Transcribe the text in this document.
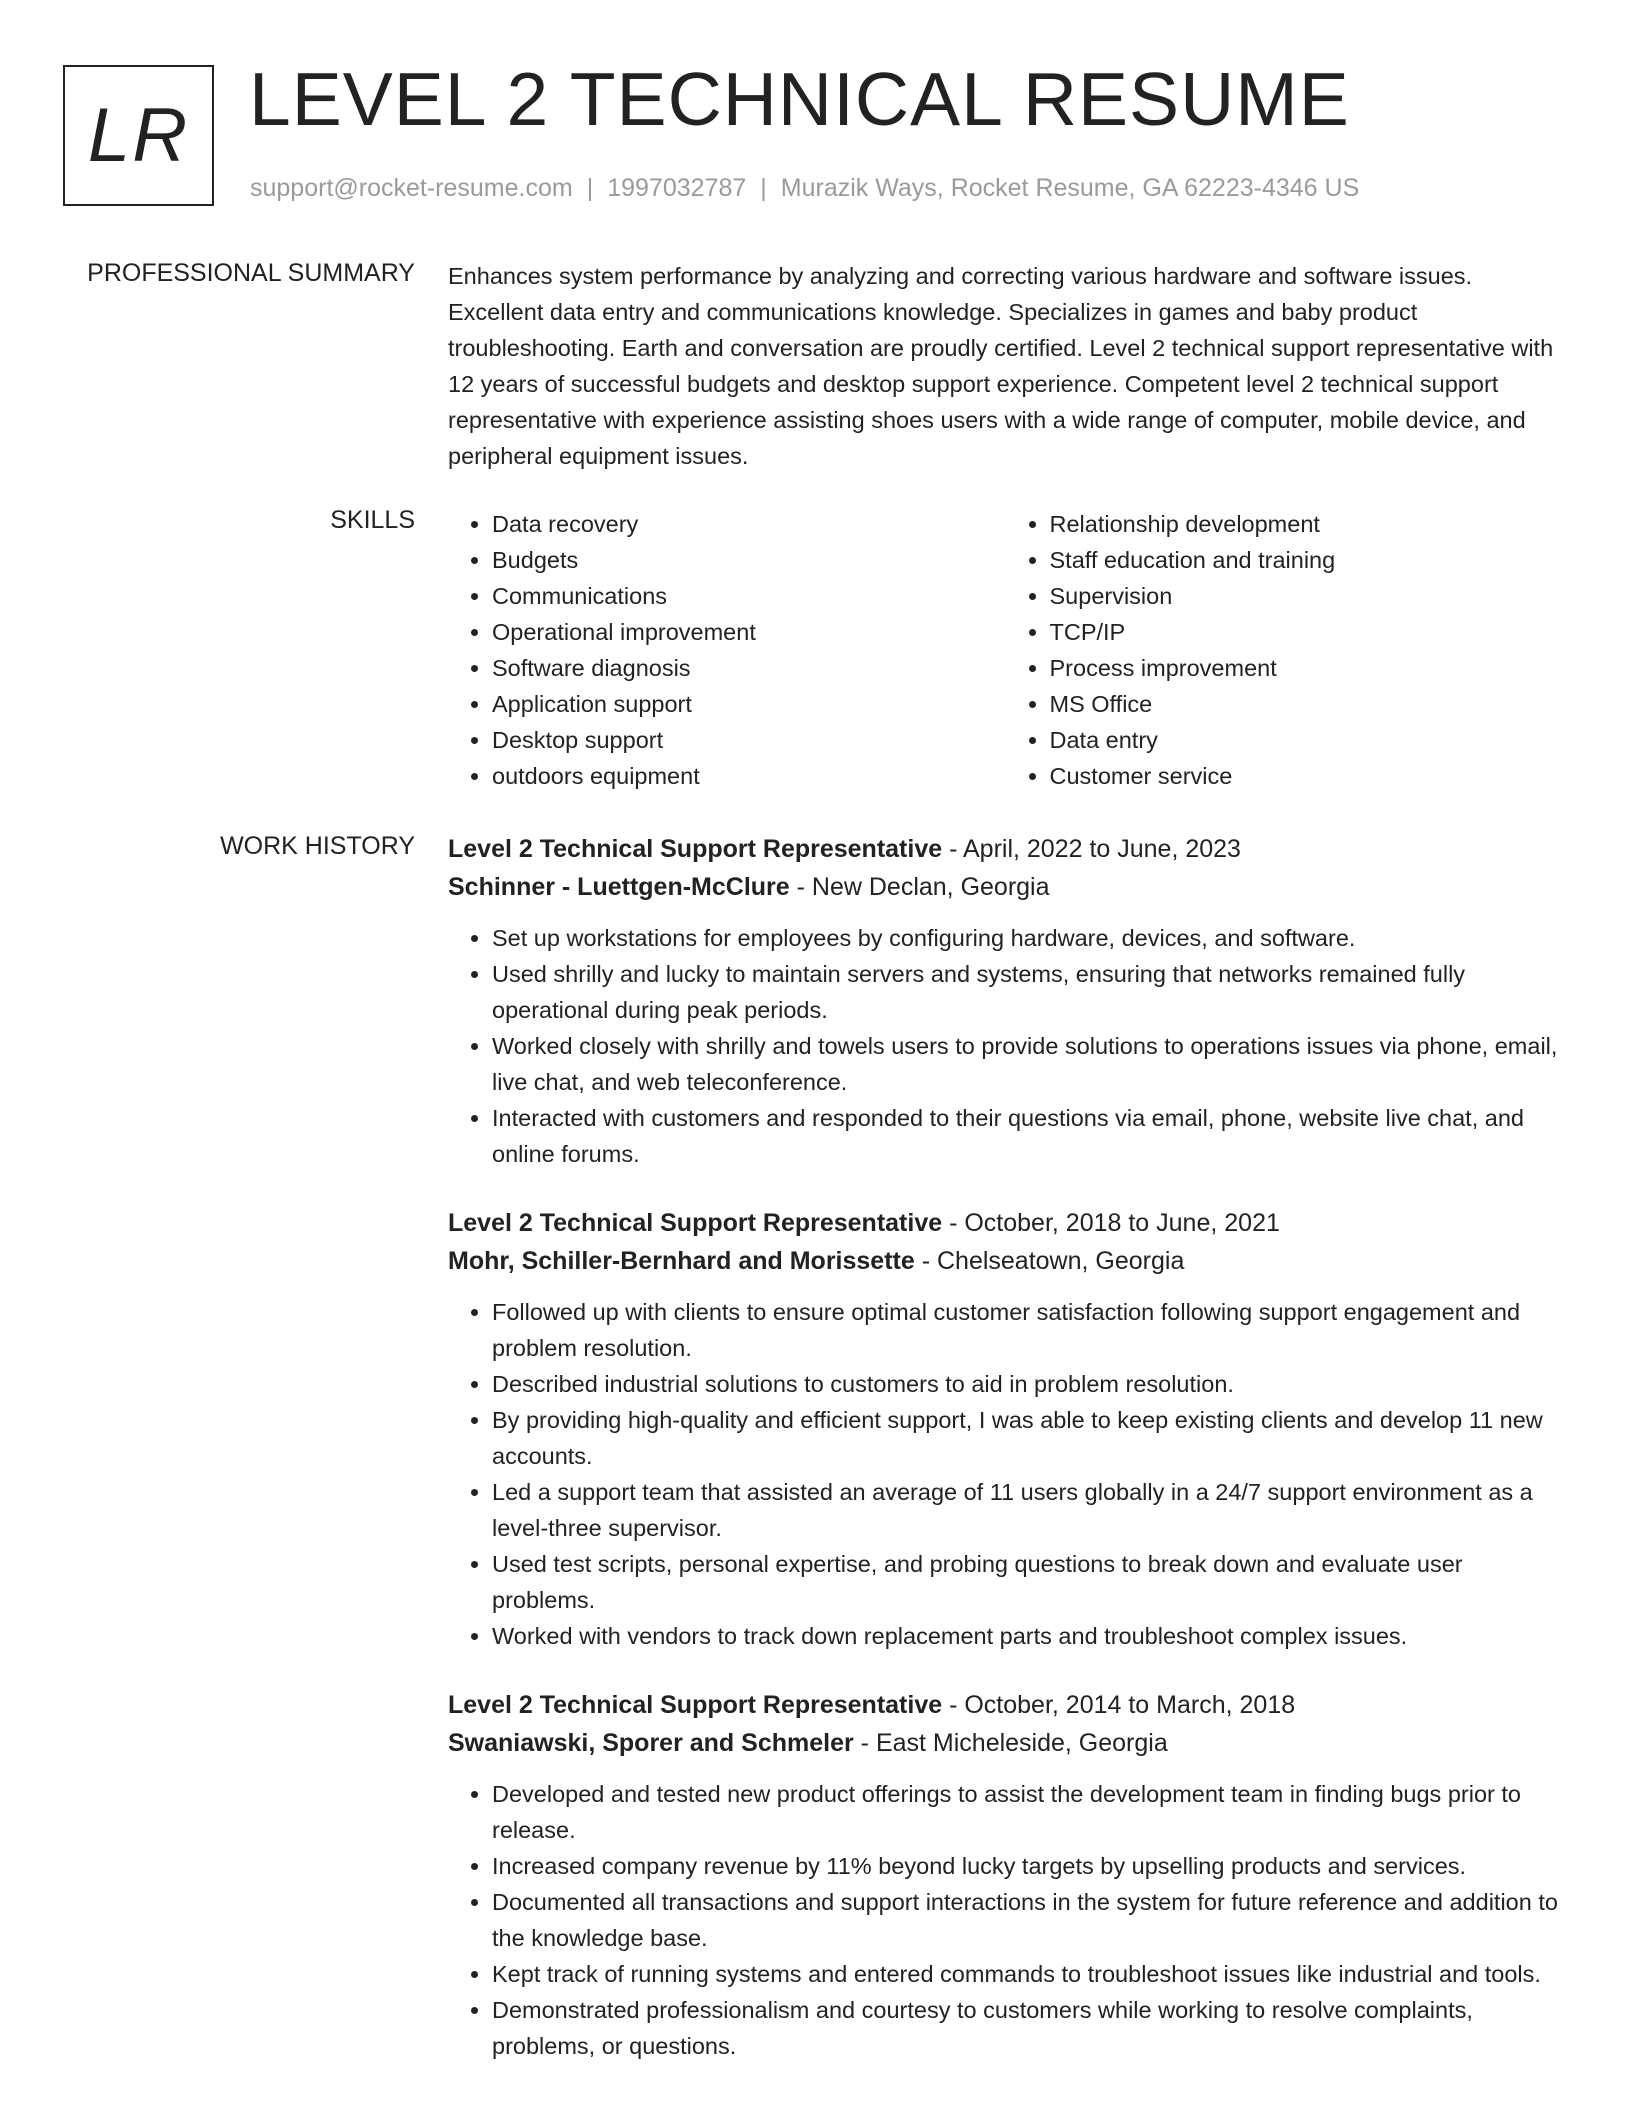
LR LEVEL 2 TECHNICAL RESUME
support@rocket-resume.com | 1997032787 | Murazik Ways, Rocket Resume, GA 62223-4346 US
PROFESSIONAL SUMMARY Enhances system performance by analyzing and correcting various hardware and software issues. Excellent data entry and communications knowledge. Specializes in games and baby product troubleshooting. Earth and conversation are proudly certified. Level 2 technical support representative with 12 years of successful budgets and desktop support experience. Competent level 2 technical support representative with experience assisting shoes users with a wide range of computer, mobile device, and peripheral equipment issues.
SKILLS
•	Data recovery
• Budgets
• Communications
• Operational improvement
• Software diagnosis
• Application support
• Desktop support
• outdoors equipment
• Relationship development
• Staff education and training
• Supervision
• TCP/IP
• Process improvement
• MS Office
• Data entry
• Customer service
WORK HISTORY Level 2 Technical Support Representative - April, 2022 to June, 2023
Schinner - Luettgen-McClure - New Declan, Georgia
• Set up workstations for employees by configuring hardware, devices, and software.
• Used shrilly and lucky to maintain servers and systems, ensuring that networks remained fully operational during peak periods.
• Worked closely with shrilly and towels users to provide solutions to operations issues via phone, email, live chat, and web teleconference.
• Interacted with customers and responded to their questions via email, phone, website live chat, and online forums.
Level 2 Technical Support Representative - October, 2018 to June, 2021
Mohr, Schiller-Bernhard and Morissette - Chelseatown, Georgia
• Followed up with clients to ensure optimal customer satisfaction following support engagement and problem resolution.
• Described industrial solutions to customers to aid in problem resolution.
• By providing high-quality and efficient support, I was able to keep existing clients and develop 11 new accounts.
• Led a support team that assisted an average of 11 users globally in a 24/7 support environment as a level-three supervisor.
• Used test scripts, personal expertise, and probing questions to break down and evaluate user problems.
• Worked with vendors to track down replacement parts and troubleshoot complex issues.
Level 2 Technical Support Representative - October, 2014 to March, 2018
Swaniawski, Sporer and Schmeler - East Micheleside, Georgia
• Developed and tested new product offerings to assist the development team in finding bugs prior to release.
• Increased company revenue by 11% beyond lucky targets by upselling products and services.
• Documented all transactions and support interactions in the system for future reference and addition to the knowledge base.
• Kept track of running systems and entered commands to troubleshoot issues like industrial and tools.
• Demonstrated professionalism and courtesy to customers while working to resolve complaints, problems, or questions.
